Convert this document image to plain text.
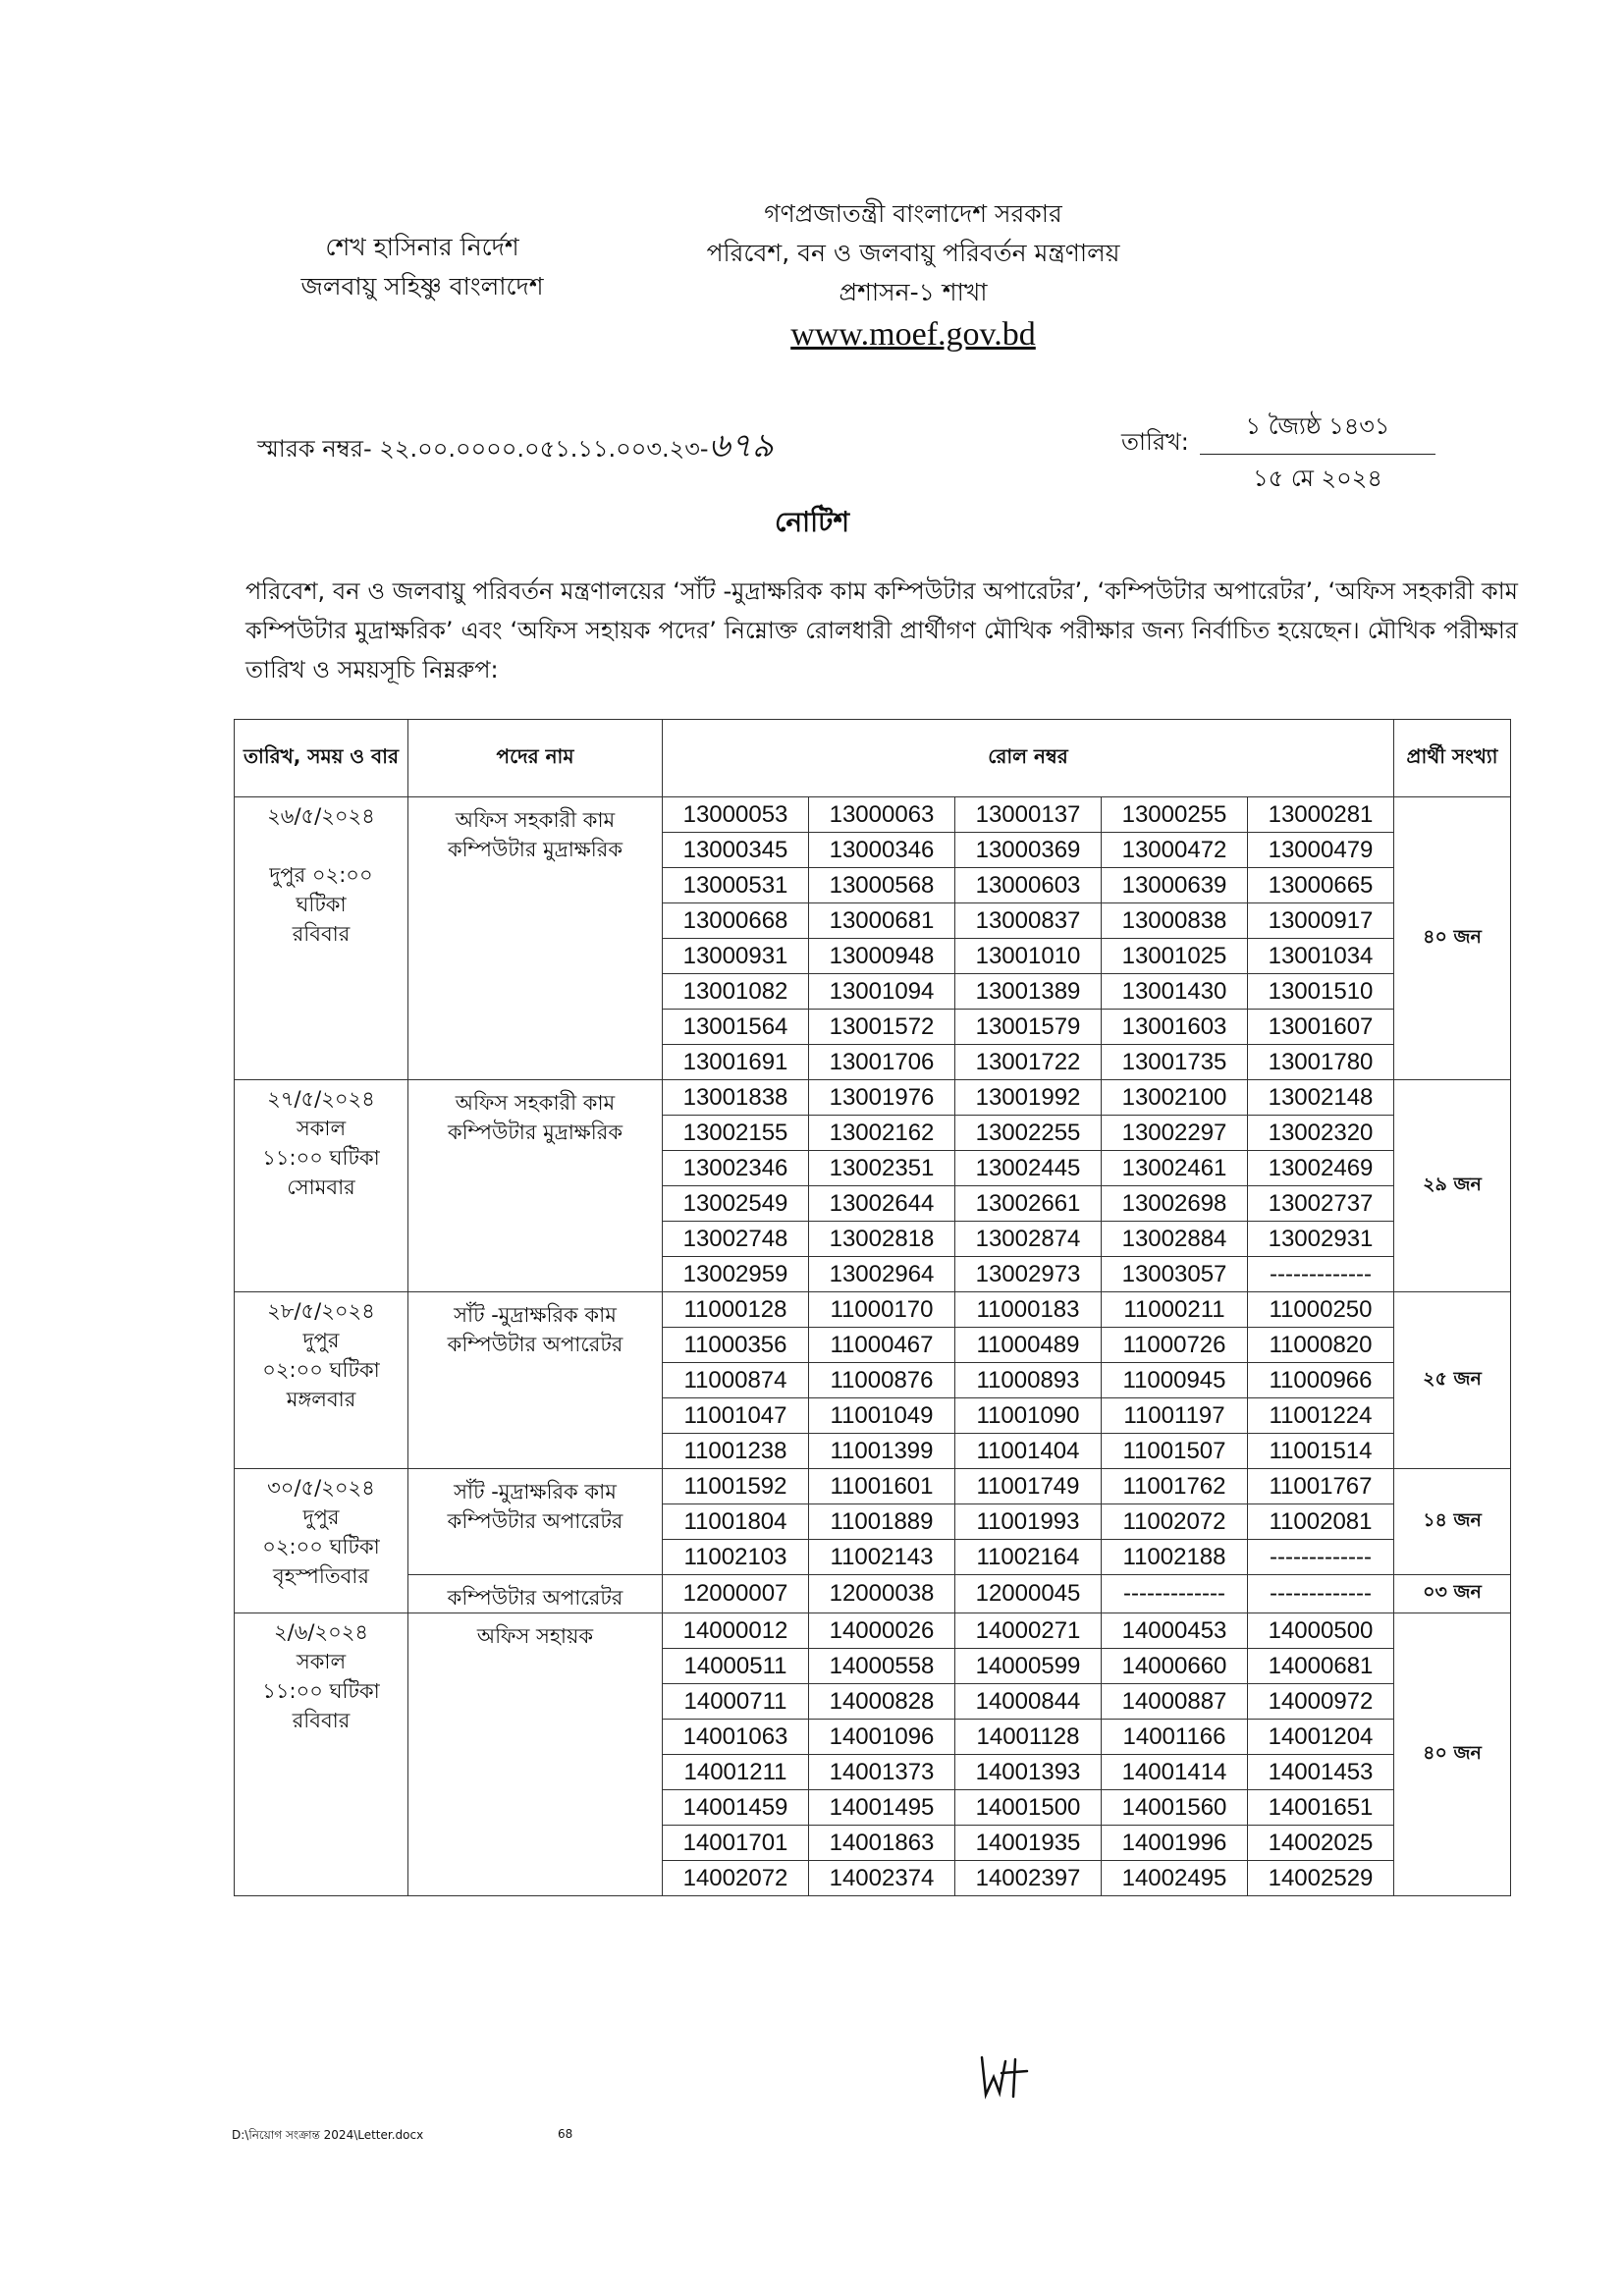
শেখ হাসিনার নির্দেশ
জলবায়ু সহিষ্ণু বাংলাদেশ
গণপ্রজাতন্ত্রী বাংলাদেশ সরকার
পরিবেশ, বন ও জলবায়ু পরিবর্তন মন্ত্রণালয়
প্রশাসন-১ শাখা
www.moef.gov.bd
স্মারক নম্বর- ২২.০০.০০০০.০৫১.১১.০০৩.২৩-৬৭৯	তারিখ:
১ জ্যৈষ্ঠ ১৪৩১
১৫ মে ২০২৪
নোটিশ
পরিবেশ, বন ও জলবায়ু পরিবর্তন মন্ত্রণালয়ের ‘সাঁট -মুদ্রাক্ষরিক কাম কম্পিউটার অপারেটর’, ‘কম্পিউটার অপারেটর’, ‘অফিস সহকারী কাম কম্পিউটার মুদ্রাক্ষরিক’ এবং ‘অফিস সহায়ক পদের’ নিম্নোক্ত রোলধারী প্রার্থীগণ মৌখিক পরীক্ষার জন্য নির্বাচিত হয়েছেন। মৌখিক পরীক্ষার তারিখ ও সময়সূচি নিম্নরুপ:
তারিখ, সময় ও বার	পদের নাম	রোল নম্বর					প্রার্থী সংখ্যা

২৬/৫/২০২৪

দুপুর ০২:০০
ঘটিকা
রবিবার	অফিস সহকারী কাম কম্পিউটার মুদ্রাক্ষরিক	13000053	13000063	13000137	13000255	13000281	৪০ জন
		13000345	13000346	13000369	13000472	13000479	
		13000531	13000568	13000603	13000639	13000665	
		13000668	13000681	13000837	13000838	13000917	
		13000931	13000948	13001010	13001025	13001034	
		13001082	13001094	13001389	13001430	13001510	
		13001564	13001572	13001579	13001603	13001607	
		13001691	13001706	13001722	13001735	13001780	

২৭/৫/২০২৪
সকাল
১১:০০ ঘটিকা
সোমবার	অফিস সহকারী কাম কম্পিউটার মুদ্রাক্ষরিক	13001838	13001976	13001992	13002100	13002148	২৯ জন
		13002155	13002162	13002255	13002297	13002320	
		13002346	13002351	13002445	13002461	13002469	
		13002549	13002644	13002661	13002698	13002737	
		13002748	13002818	13002874	13002884	13002931	
		13002959	13002964	13002973	13003057	-------------	

২৮/৫/২০২৪
দুপুর
০২:০০ ঘটিকা
মঙ্গলবার	সাঁট -মুদ্রাক্ষরিক কাম কম্পিউটার অপারেটর	11000128	11000170	11000183	11000211	11000250	২৫ জন
		11000356	11000467	11000489	11000726	11000820	
		11000874	11000876	11000893	11000945	11000966	
		11001047	11001049	11001090	11001197	11001224	
		11001238	11001399	11001404	11001507	11001514	

৩০/৫/২০২৪
দুপুর
০২:০০ ঘটিকা
বৃহস্পতিবার	সাঁট -মুদ্রাক্ষরিক কাম কম্পিউটার অপারেটর	11001592	11001601	11001749	11001762	11001767	১৪ জন
		11001804	11001889	11001993	11002072	11002081	
		11002103	11002143	11002164	11002188	-------------	
	কম্পিউটার অপারেটর	12000007	12000038	12000045	-------------	-------------	০৩ জন

২/৬/২০২৪
সকাল
১১:০০ ঘটিকা
রবিবার	অফিস সহায়ক	14000012	14000026	14000271	14000453	14000500	৪০ জন
		14000511	14000558	14000599	14000660	14000681	
		14000711	14000828	14000844	14000887	14000972	
		14001063	14001096	14001128	14001166	14001204	
		14001211	14001373	14001393	14001414	14001453	
		14001459	14001495	14001500	14001560	14001651	
		14001701	14001863	14001935	14001996	14002025	
		14002072	14002374	14002397	14002495	14002529	
D:\নিয়োগ সংক্রান্ত 2024\Letter.docx	68
